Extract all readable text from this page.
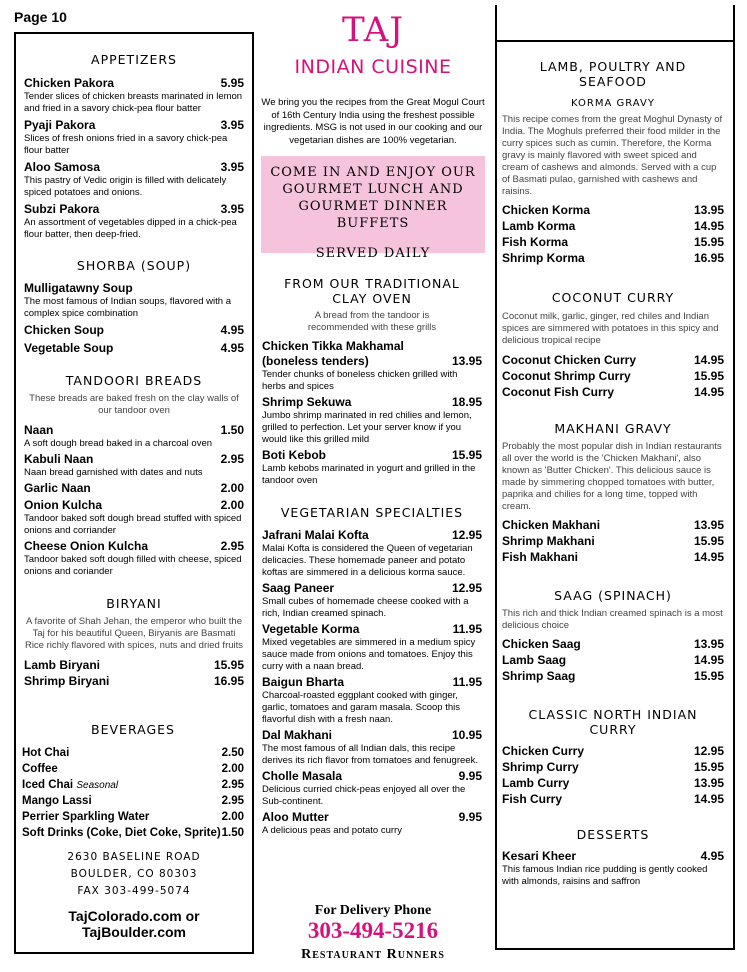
Page 10
APPETIZERS
Chicken Pakora	5.95
Tender slices of chicken breasts marinated in lemon and fried in a savory chick-pea flour batter
Pyaji Pakora	3.95
Slices of fresh onions fried in a savory chick-pea flour batter
Aloo Samosa	3.95
This pastry of Vedic origin is filled with delicately spiced potatoes and onions.
Subzi Pakora	3.95
An assortment of vegetables dipped in a chick-pea flour batter, then deep-fried.
SHORBA (SOUP)
Mulligatawny Soup
The most famous of Indian soups, flavored with a complex spice combination
Chicken Soup	4.95
Vegetable Soup	4.95
TANDOORI BREADS
These breads are baked fresh on the clay walls of our tandoor oven
Naan	1.50
A soft dough bread baked in a charcoal oven
Kabuli Naan	2.95
Naan bread garnished with dates and nuts
Garlic Naan	2.00
Onion Kulcha	2.00
Tandoor baked soft dough bread stuffed with spiced onions and corriander
Cheese Onion Kulcha	2.95
Tandoor baked soft dough filled with cheese, spiced onions and coriander
BIRYANI
A favorite of Shah Jehan, the emperor who built the Taj for his beautiful Queen, Biryanis are Basmati Rice richly flavored with spices, nuts and dried fruits
Lamb Biryani	15.95
Shrimp Biryani	16.95
BEVERAGES
Hot Chai	2.50
Coffee	2.00
Iced Chai Seasonal	2.95
Mango Lassi	2.95
Perrier Sparkling Water	2.00
Soft Drinks (Coke, Diet Coke, Sprite) 1.50
2630 BASELINE ROAD
BOULDER, CO 80303
FAX 303-499-5074
TajColorado.com or
TajBoulder.com
TAJ
INDIAN CUISINE
We bring you the recipes from the Great Mogul Court of 16th Century India using the freshest possible ingredients. MSG is not used in our cooking and our vegetarian dishes are 100% vegetarian.
COME IN AND ENJOY OUR
GOURMET LUNCH AND
GOURMET DINNER BUFFETS
SERVED DAILY
FROM OUR TRADITIONAL CLAY OVEN
A bread from the tandoor is recommended with these grills
Chicken Tikka Makhamal (boneless tenders)	13.95
Tender chunks of boneless chicken grilled with herbs and spices
Shrimp Sekuwa	18.95
Jumbo shrimp marinated in red chilies and lemon, grilled to perfection. Let your server know if you would like this grilled mild
Boti Kebob	15.95
Lamb kebobs marinated in yogurt and grilled in the tandoor oven
VEGETARIAN SPECIALTIES
Jafrani Malai Kofta	12.95
Malai Kofta is considered the Queen of vegetarian delicacies. These homemade paneer and potato koftas are simmered in a delicious korma sauce.
Saag Paneer	12.95
Small cubes of homemade cheese cooked with a rich, Indian creamed spinach.
Vegetable Korma	11.95
Mixed vegetables are simmered in a medium spicy sauce made from onions and tomatoes. Enjoy this curry with a naan bread.
Baigun Bharta	11.95
Charcoal-roasted eggplant cooked with ginger, garlic, tomatoes and garam masala. Scoop this flavorful dish with a fresh naan.
Dal Makhani	10.95
The most famous of all Indian dals, this recipe derives its rich flavor from tomatoes and fenugreek.
Cholle Masala	9.95
Delicious curried chick-peas enjoyed all over the Sub-continent.
Aloo Mutter	9.95
A delicious peas and potato curry
For Delivery Phone
303-494-5216
Restaurant Runners
LAMB, POULTRY AND SEAFOOD
KORMA GRAVY
This recipe comes from the great Moghul Dynasty of India. The Moghuls preferred their food milder in the curry spices such as cumin. Therefore, the Korma gravy is mainly flavored with sweet spiced and cream of cashews and almonds. Served with a cup of Basmati pulao, garnished with cashews and raisins.
Chicken Korma	13.95
Lamb Korma	14.95
Fish Korma	15.95
Shrimp Korma	16.95
COCONUT CURRY
Coconut milk, garlic, ginger, red chiles and Indian spices are simmered with potatoes in this spicy and delicious tropical recipe
Coconut Chicken Curry	14.95
Coconut Shrimp Curry	15.95
Coconut Fish Curry	14.95
MAKHANI GRAVY
Probably the most popular dish in Indian restaurants all over the world is the 'Chicken Makhani', also known as 'Butter Chicken'. This delicious sauce is made by simmering chopped tomatoes with butter, paprika and chilies for a long time, topped with cream.
Chicken Makhani	13.95
Shrimp Makhani	15.95
Fish Makhani	14.95
SAAG (SPINACH)
This rich and thick Indian creamed spinach is a most delicious choice
Chicken Saag	13.95
Lamb Saag	14.95
Shrimp Saag	15.95
CLASSIC NORTH INDIAN CURRY
Chicken Curry	12.95
Shrimp Curry	15.95
Lamb Curry	13.95
Fish Curry	14.95
DESSERTS
Kesari Kheer	4.95
This famous Indian rice pudding is gently cooked with almonds, raisins and saffron
